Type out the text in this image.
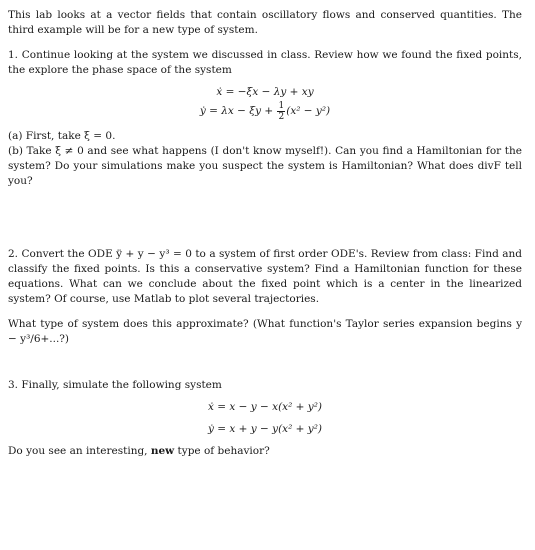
This lab looks at a vector fields that contain oscillatory flows and conserved quantities. The third example will be for a new type of system.

1. Continue looking at the system we discussed in class. Review how we found the fixed points, the explore the phase space of the system

ẋ = −ξx − λy + xy
ẏ = $\lambda x - \xi y + \frac{1}{2} (x^2 - y^2)$

(a) First, take ξ = 0.

(b) Take ξ ≠ 0 and see what happens (I don't know myself!). Can you find a Hamiltonian for the system? Do your simulations make you suspect the system is Hamiltonian? What does divF tell you?

2. Convert the ODE ÿ + y − y³ = 0 to a system of first order ODE's. Review from class: Find and classify the fixed points. Is this a conservative system? Find a Hamiltonian function for these equations. What can we conclude about the fixed point which is a center in the linearized system? Of course, use Matlab to plot several trajectories.

What type of system does this approximate? (What function's Taylor series expansion begins y − y³/6+...?)

3. Finally, simulate the following system

ẋ = x − y − x(x² + y²)
ẏ = x + y − y(x² + y²)

Do you see an interesting, new type of behavior?
